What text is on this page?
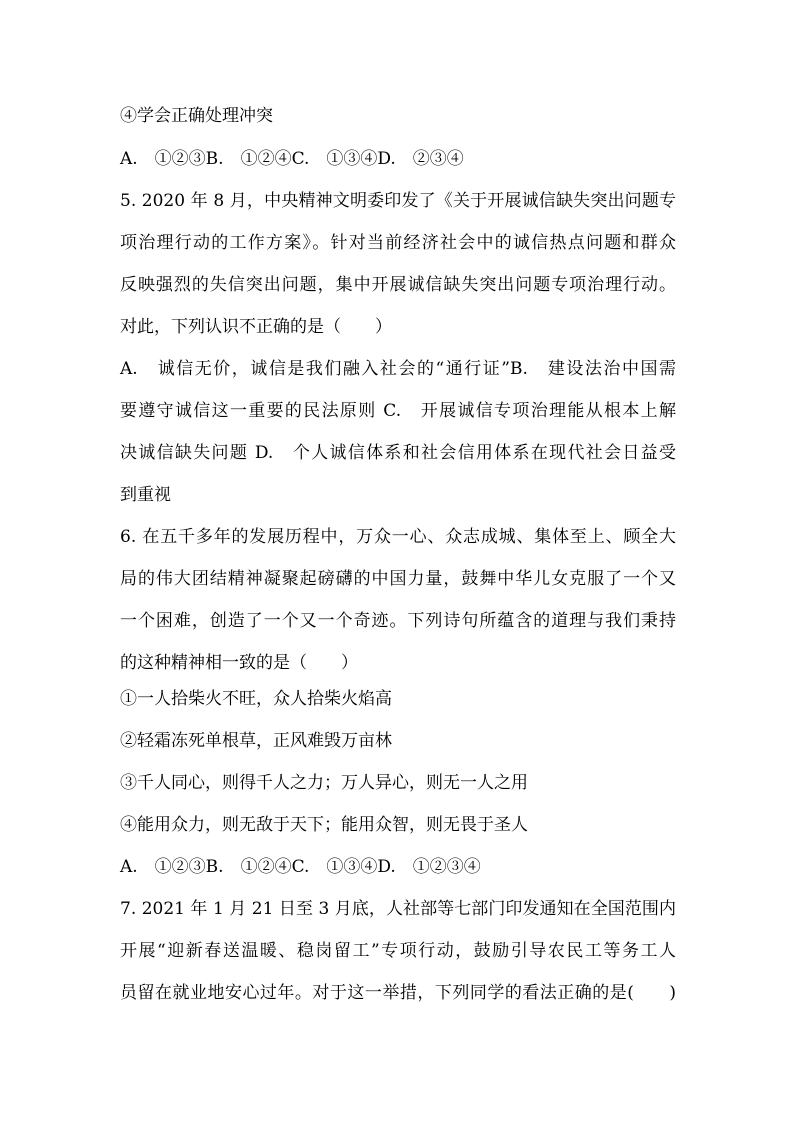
④学会正确处理冲突
A.　①②③B.　①②④C.　①③④D.　②③④
5. 2020 年 8 月，中央精神文明委印发了《关于开展诚信缺失突出问题专
项治理行动的工作方案》。针对当前经济社会中的诚信热点问题和群众
反映强烈的失信突出问题，集中开展诚信缺失突出问题专项治理行动。
对此，下列认识不正确的是（　　）
A.　诚信无价，诚信是我们融入社会的“通行证”B.　建设法治中国需
要遵守诚信这一重要的民法原则 C.　开展诚信专项治理能从根本上解
决诚信缺失问题 D.　个人诚信体系和社会信用体系在现代社会日益受
到重视
6. 在五千多年的发展历程中，万众一心、众志成城、集体至上、顾全大
局的伟大团结精神凝聚起磅礴的中国力量，鼓舞中华儿女克服了一个又
一个困难，创造了一个又一个奇迹。下列诗句所蕴含的道理与我们秉持
的这种精神相一致的是（　　）
①一人拾柴火不旺，众人拾柴火焰高
②轻霜冻死单根草，正风难毁万亩林
③千人同心，则得千人之力；万人异心，则无一人之用
④能用众力，则无敌于天下；能用众智，则无畏于圣人
A.　①②③B.　①②④C.　①③④D.　①②③④
7. 2021 年 1 月 21 日至 3 月底，人社部等七部门印发通知在全国范围内
开展“迎新春送温暖、稳岗留工”专项行动，鼓励引导农民工等务工人
员留在就业地安心过年。对于这一举措，下列同学的看法正确的是(　　)
